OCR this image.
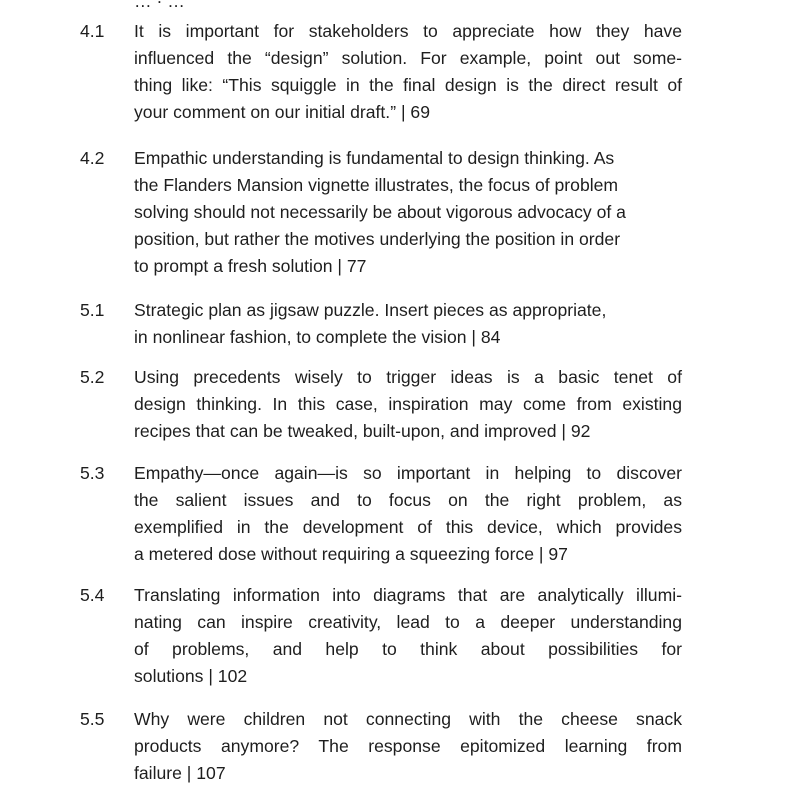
… · …
4.1 It is important for stakeholders to appreciate how they have
influenced the “design” solution. For example, point out some-
thing like: “This squiggle in the final design is the direct result of
your comment on our initial draft.” | 69
4.2 Empathic understanding is fundamental to design thinking. As
the Flanders Mansion vignette illustrates, the focus of problem
solving should not necessarily be about vigorous advocacy of a
position, but rather the motives underlying the position in order
to prompt a fresh solution | 77
5.1 Strategic plan as jigsaw puzzle. Insert pieces as appropriate,
in nonlinear fashion, to complete the vision | 84
5.2 Using precedents wisely to trigger ideas is a basic tenet of
design thinking. In this case, inspiration may come from existing
recipes that can be tweaked, built-upon, and improved | 92
5.3 Empathy—once again—is so important in helping to discover
the salient issues and to focus on the right problem, as
exemplified in the development of this device, which provides
a metered dose without requiring a squeezing force | 97
5.4 Translating information into diagrams that are analytically illumi-
nating can inspire creativity, lead to a deeper understanding
of problems, and help to think about possibilities for
solutions | 102
5.5 Why were children not connecting with the cheese snack
products anymore? The response epitomized learning from
failure | 107
